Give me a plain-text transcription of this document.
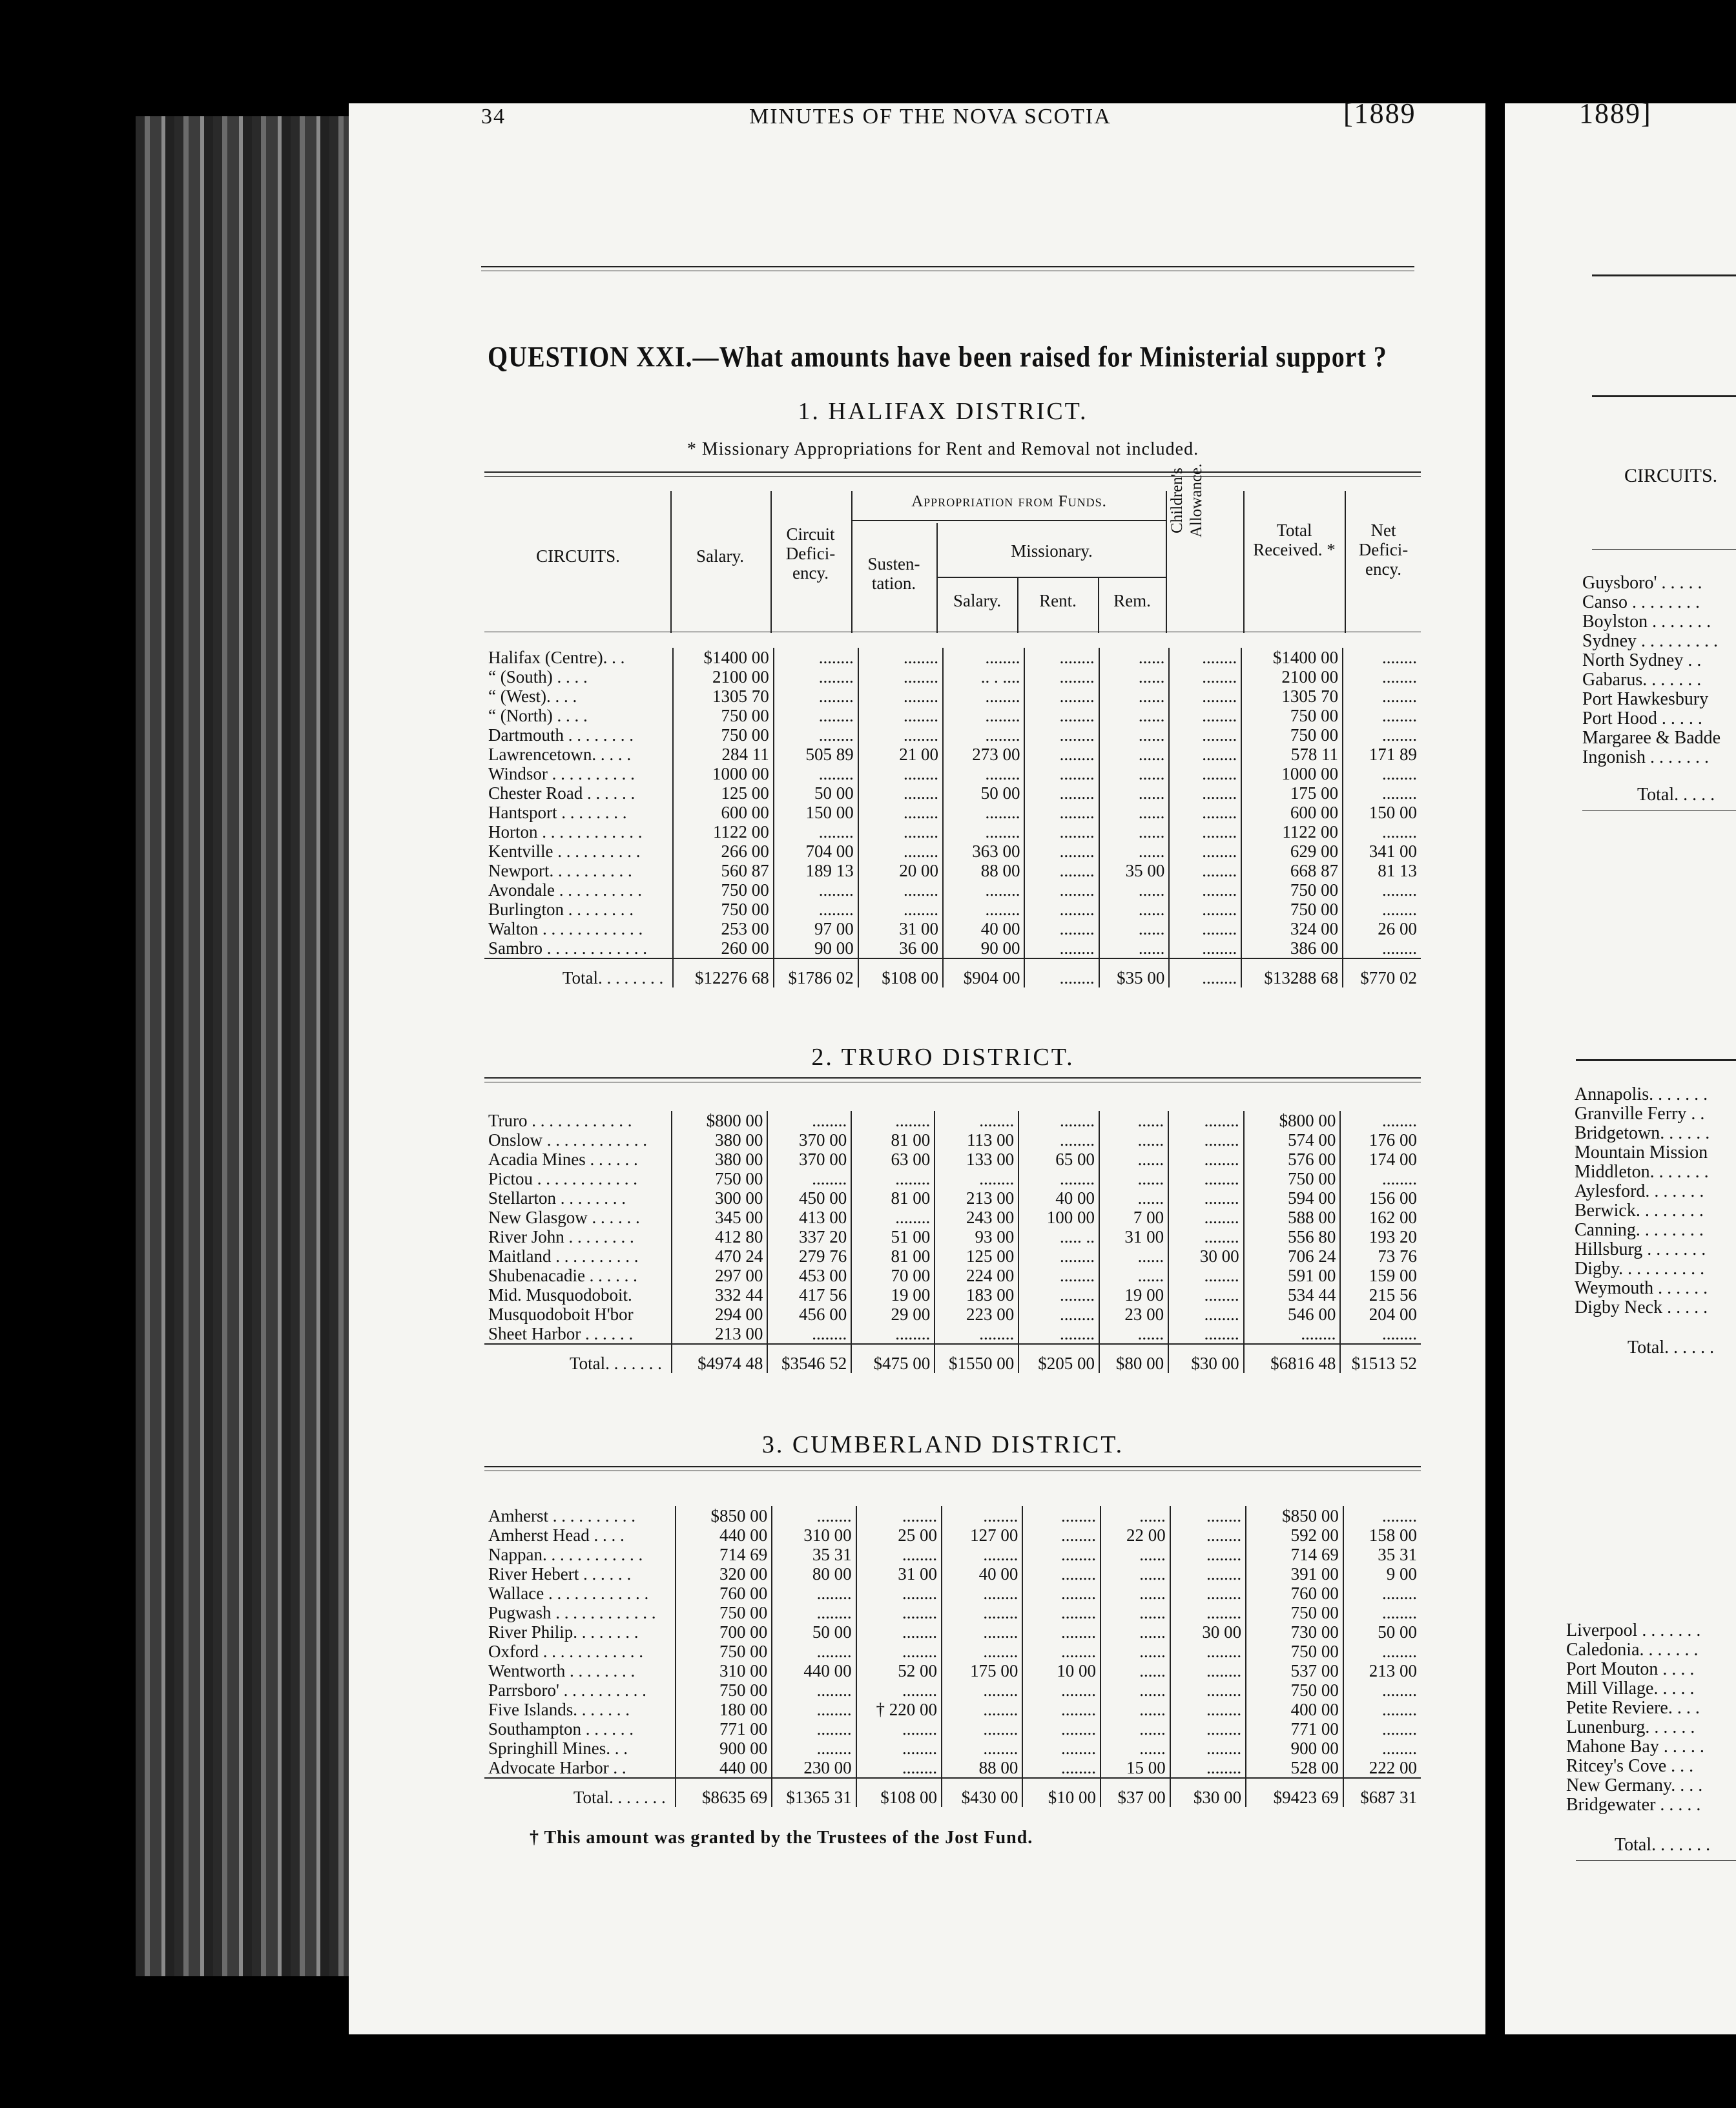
34	MINUTES OF THE NOVA SCOTIA	[1889	1889]
QUESTION XXI.—What amounts have been raised for Ministerial support ?
1. HALIFAX DISTRICT.
* Missionary Appropriations for Rent and Removal not included.
CIRCUITS.	Salary.
Circuit Defici- ency.
Appropriation from Funds.
Susten- tation.
Missionary.
Salary.	Rent.	Rem.
Children's Allowance.	Total Received. *
Net Defici- ency.
Halifax (Centre). . .	$1400 00	........	........	........	........	......	........	$1400 00	........
“ (South) . . . .	2100 00	........	........	.. . ....	........	......	........	2100 00	........
“ (West). . . .	1305 70	........	........	........	........	......	........	1305 70	........
“ (North) . . . .	750 00	........	........	........	........	......	........	750 00	........
Dartmouth . . . . . . . .	750 00	........	........	........	........	......	........	750 00	........
Lawrencetown. . . . .	284 11	505 89	21 00	273 00	........	......	........	578 11	171 89
Windsor . . . . . . . . . .	1000 00	........	........	........	........	......	........	1000 00	........
Chester Road . . . . . .	125 00	50 00	........	50 00	........	......	........	175 00	........
Hantsport . . . . . . . .	600 00	150 00	........	........	........	......	........	600 00	150 00
Horton . . . . . . . . . . . .	1122 00	........	........	........	........	......	........	1122 00	........
Kentville . . . . . . . . . .	266 00	704 00	........	363 00	........	......	........	629 00	341 00
Newport. . . . . . . . . .	560 87	189 13	20 00	88 00	........	35 00	........	668 87	81 13
Avondale . . . . . . . . . .	750 00	........	........	........	........	......	........	750 00	........
Burlington . . . . . . . .	750 00	........	........	........	........	......	........	750 00	........
Walton . . . . . . . . . . . .	253 00	97 00	31 00	40 00	........	......	........	324 00	26 00
Sambro . . . . . . . . . . . .	260 00	90 00	36 00	90 00	........	......	........	386 00	........
Total. . . . . . . .	$12276 68	$1786 02	$108 00	$904 00	........	$35 00	........	$13288 68	$770 02
2. TRURO DISTRICT.
Truro . . . . . . . . . . . .	$800 00	........	........	........	........	......	........	$800 00	........
Onslow . . . . . . . . . . . .	380 00	370 00	81 00	113 00	........	......	........	574 00	176 00
Acadia Mines . . . . . .	380 00	370 00	63 00	133 00	65 00	......	........	576 00	174 00
Pictou . . . . . . . . . . . .	750 00	........	........	........	........	......	........	750 00	........
Stellarton . . . . . . . .	300 00	450 00	81 00	213 00	40 00	......	........	594 00	156 00
New Glasgow . . . . . .	345 00	413 00	........	243 00	100 00	7 00	........	588 00	162 00
River John . . . . . . . .	412 80	337 20	51 00	93 00	..... ..	31 00	........	556 80	193 20
Maitland . . . . . . . . . .	470 24	279 76	81 00	125 00	........	......	30 00	706 24	73 76
Shubenacadie . . . . . .	297 00	453 00	70 00	224 00	........	......	........	591 00	159 00
Mid. Musquodoboit.	332 44	417 56	19 00	183 00	........	19 00	........	534 44	215 56
Musquodoboit H'bor	294 00	456 00	29 00	223 00	........	23 00	........	546 00	204 00
Sheet Harbor . . . . . .	213 00	........	........	........	........	......	........	........	........
Total. . . . . . .	$4974 48	$3546 52	$475 00	$1550 00	$205 00	$80 00	$30 00	$6816 48	$1513 52
3. CUMBERLAND DISTRICT.
Amherst . . . . . . . . . .	$850 00	........	........	........	........	......	........	$850 00	........
Amherst Head . . . .	440 00	310 00	25 00	127 00	........	22 00	........	592 00	158 00
Nappan. . . . . . . . . . . .	714 69	35 31	........	........	........	......	........	714 69	35 31
River Hebert . . . . . .	320 00	80 00	31 00	40 00	........	......	........	391 00	9 00
Wallace . . . . . . . . . . . .	760 00	........	........	........	........	......	........	760 00	........
Pugwash . . . . . . . . . . . .	750 00	........	........	........	........	......	........	750 00	........
River Philip. . . . . . . .	700 00	50 00	........	........	........	......	30 00	730 00	50 00
Oxford . . . . . . . . . . . .	750 00	........	........	........	........	......	........	750 00	........
Wentworth . . . . . . . .	310 00	440 00	52 00	175 00	10 00	......	........	537 00	213 00
Parrsboro' . . . . . . . . . .	750 00	........	........	........	........	......	........	750 00	........
Five Islands. . . . . . .	180 00	........	† 220 00	........	........	......	........	400 00	........
Southampton . . . . . .	771 00	........	........	........	........	......	........	771 00	........
Springhill Mines. . .	900 00	........	........	........	........	......	........	900 00	........
Advocate Harbor . .	440 00	230 00	........	88 00	........	15 00	........	528 00	222 00
Total. . . . . . .	$8635 69	$1365 31	$108 00	$430 00	$10 00	$37 00	$30 00	$9423 69	$687 31
† This amount was granted by the Trustees of the Jost Fund.
CIRCUITS.
Guysboro' . . . . .
Canso . . . . . . . .
Boylston . . . . . . .
Sydney . . . . . . . . .
North Sydney . .
Gabarus. . . . . . .
Port Hawkesbury
Port Hood . . . . .
Margaree & Badde
Ingonish . . . . . . .
Total. . . . .
Annapolis. . . . . . .
Granville Ferry . .
Bridgetown. . . . . .
Mountain Mission
Middleton. . . . . . .
Aylesford. . . . . . .
Berwick. . . . . . . .
Canning. . . . . . . .
Hillsburg . . . . . . .
Digby. . . . . . . . . .
Weymouth . . . . . .
Digby Neck . . . . .
Total. . . . . .
Liverpool . . . . . . .
Caledonia. . . . . . .
Port Mouton . . . .
Mill Village. . . . .
Petite Reviere. . . .
Lunenburg. . . . . .
Mahone Bay . . . . .
Ritcey's Cove . . .
New Germany. . . .
Bridgewater . . . . .
Total. . . . . . .
